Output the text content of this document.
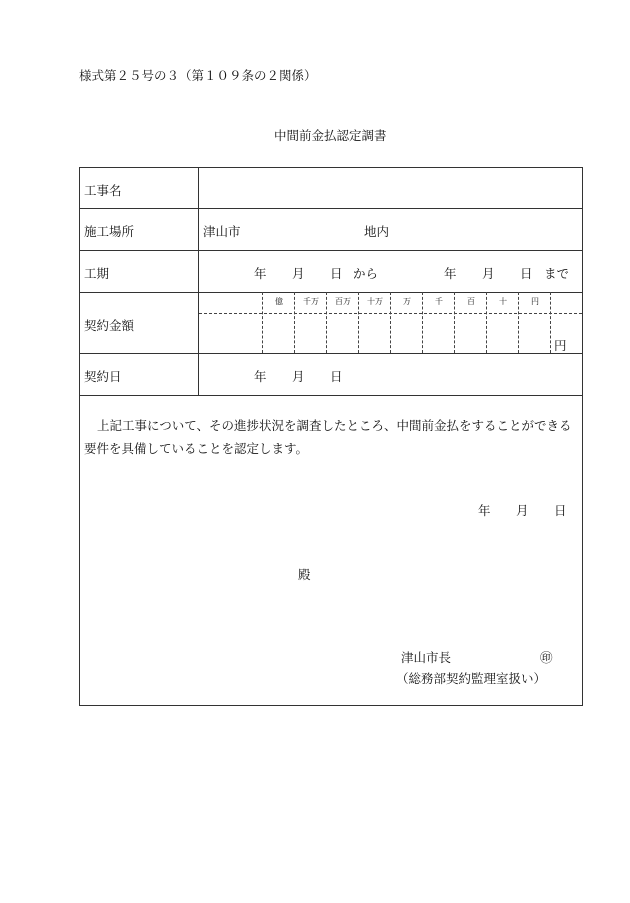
様式第２５号の３（第１０９条の２関係）
中間前金払認定調書
工事名
施工場所	津山市	地内
工期	年 月 日 から	年 月 日 まで
契約金額
億	千万	百万	十万	万	千	百	十	円
円
契約日	年 月 日
上記工事について、その進捗状況を調査したところ、中間前金払をすることができる
要件を具備していることを認定します。
年 月 日
殿
津山市長	㊞
（総務部契約監理室扱い）
